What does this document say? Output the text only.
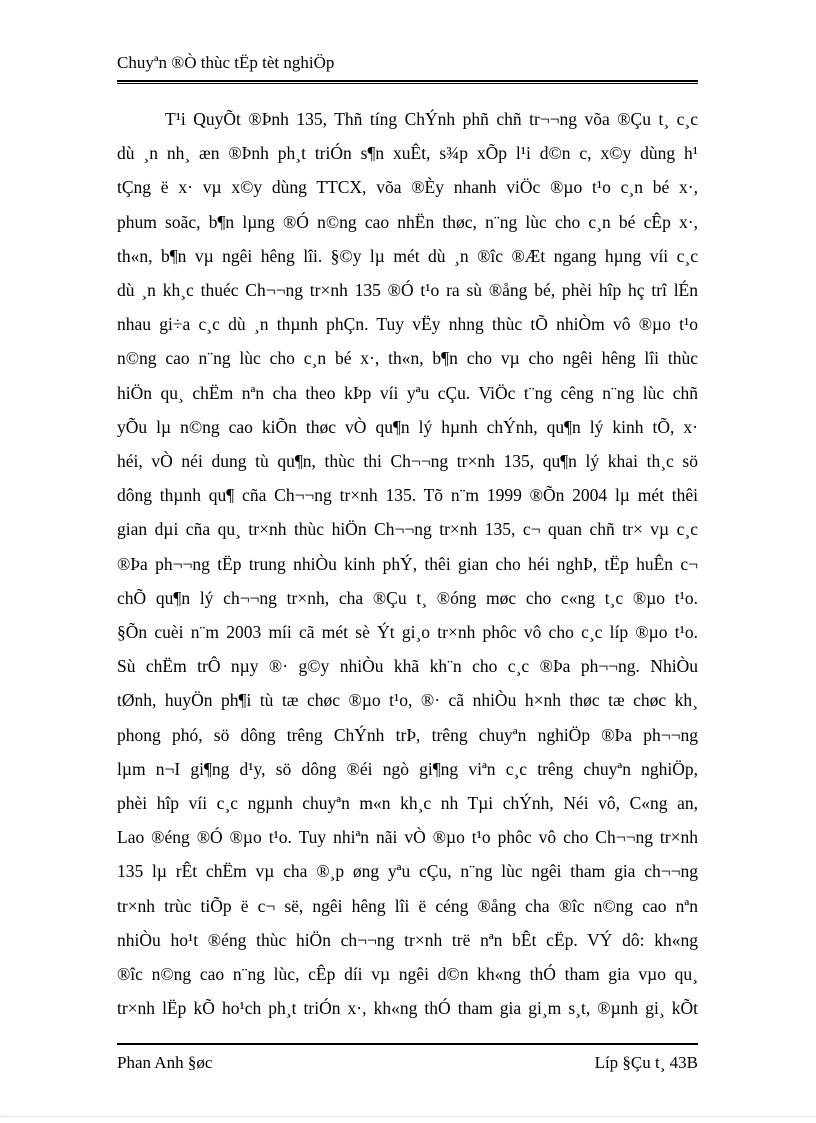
Chuyªn ®Ò thùc tËp tèt nghiÖp
T¹i QuyÕt ®Þnh 135, Thñ tíng ChÝnh phñ chñ tr¬¬ng võa ®Çu t¸ c¸c
dù ¸n nh¸ æn ®Þnh ph¸t triÓn s¶n xuÊt, s¾p xÕp l¹i d©n c, x©y dùng h¹
tÇng ë x· vµ x©y dùng TTCX, võa ®Èy nhanh viÖc ®µo t¹o c¸n bé x·,
phum soãc, b¶n lµng ®Ó n©ng cao nhËn thøc, n¨ng lùc cho c¸n bé cÊp x·,
th«n, b¶n vµ ngêi hêng lîi. §©y lµ mét dù ¸n ®îc ®Æt ngang hµng víi c¸c
dù ¸n kh¸c thuéc Ch¬¬ng tr×nh 135 ®Ó t¹o ra sù ®ång bé, phèi hîp hç trî lÉn
nhau gi÷a c¸c dù ¸n thµnh phÇn. Tuy vËy nhng thùc tÕ nhiÒm vô ®µo t¹o
n©ng cao n¨ng lùc cho c¸n bé x·, th«n, b¶n cho vµ cho ngêi hêng lîi thùc
hiÖn qu¸ chËm nªn cha theo kÞp víi yªu cÇu. ViÖc t¨ng cêng n¨ng lùc chñ
yÕu lµ n©ng cao kiÕn thøc vÒ qu¶n lý hµnh chÝnh, qu¶n lý kinh tÕ, x·
héi, vÒ néi dung tù qu¶n, thùc thi Ch¬¬ng tr×nh 135, qu¶n lý khai th¸c sö
dông thµnh qu¶ cña Ch¬¬ng tr×nh 135. Tõ n¨m 1999 ®Õn 2004 lµ mét thêi
gian dµi cña qu¸ tr×nh thùc hiÖn Ch¬¬ng tr×nh 135, c¬ quan chñ tr× vµ c¸c
®Þa ph¬¬ng tËp trung nhiÒu kinh phÝ, thêi gian cho héi nghÞ, tËp huÊn c¬
chÕ qu¶n lý ch¬¬ng tr×nh, cha ®Çu t¸ ®óng møc cho c«ng t¸c ®µo t¹o.
§Õn cuèi n¨m 2003 míi cã mét sè Ýt gi¸o tr×nh phôc vô cho c¸c líp ®µo t¹o.
Sù chËm trÔ nµy ®· g©y nhiÒu khã kh¨n cho c¸c ®Þa ph¬¬ng. NhiÒu
tØnh, huyÖn ph¶i tù tæ chøc ®µo t¹o, ®· cã nhiÒu h×nh thøc tæ chøc kh¸
phong phó, sö dông trêng ChÝnh trÞ, trêng chuyªn nghiÖp ®Þa ph¬¬ng
lµm n¬I gi¶ng d¹y, sö dông ®éi ngò gi¶ng viªn c¸c trêng chuyªn nghiÖp,
phèi hîp víi c¸c ngµnh chuyªn m«n kh¸c nh Tµi chÝnh, Néi vô, C«ng an,
Lao ®éng ®Ó ®µo t¹o. Tuy nhiªn nãi vÒ ®µo t¹o phôc vô cho Ch¬¬ng tr×nh
135 lµ rÊt chËm vµ cha ®¸p øng yªu cÇu, n¨ng lùc ngêi tham gia ch¬¬ng
tr×nh trùc tiÕp ë c¬ së, ngêi hêng lîi ë céng ®ång cha ®îc n©ng cao nªn
nhiÒu ho¹t ®éng thùc hiÖn ch¬¬ng tr×nh trë nªn bÊt cËp. VÝ dô: kh«ng
®îc n©ng cao n¨ng lùc, cÊp díi vµ ngêi d©n kh«ng thÓ tham gia vµo qu¸
tr×nh lËp kÕ ho¹ch ph¸t triÓn x·, kh«ng thÓ tham gia gi¸m s¸t, ®µnh gi¸ kÕt
Phan Anh §øc	Líp §Çu t¸ 43B
